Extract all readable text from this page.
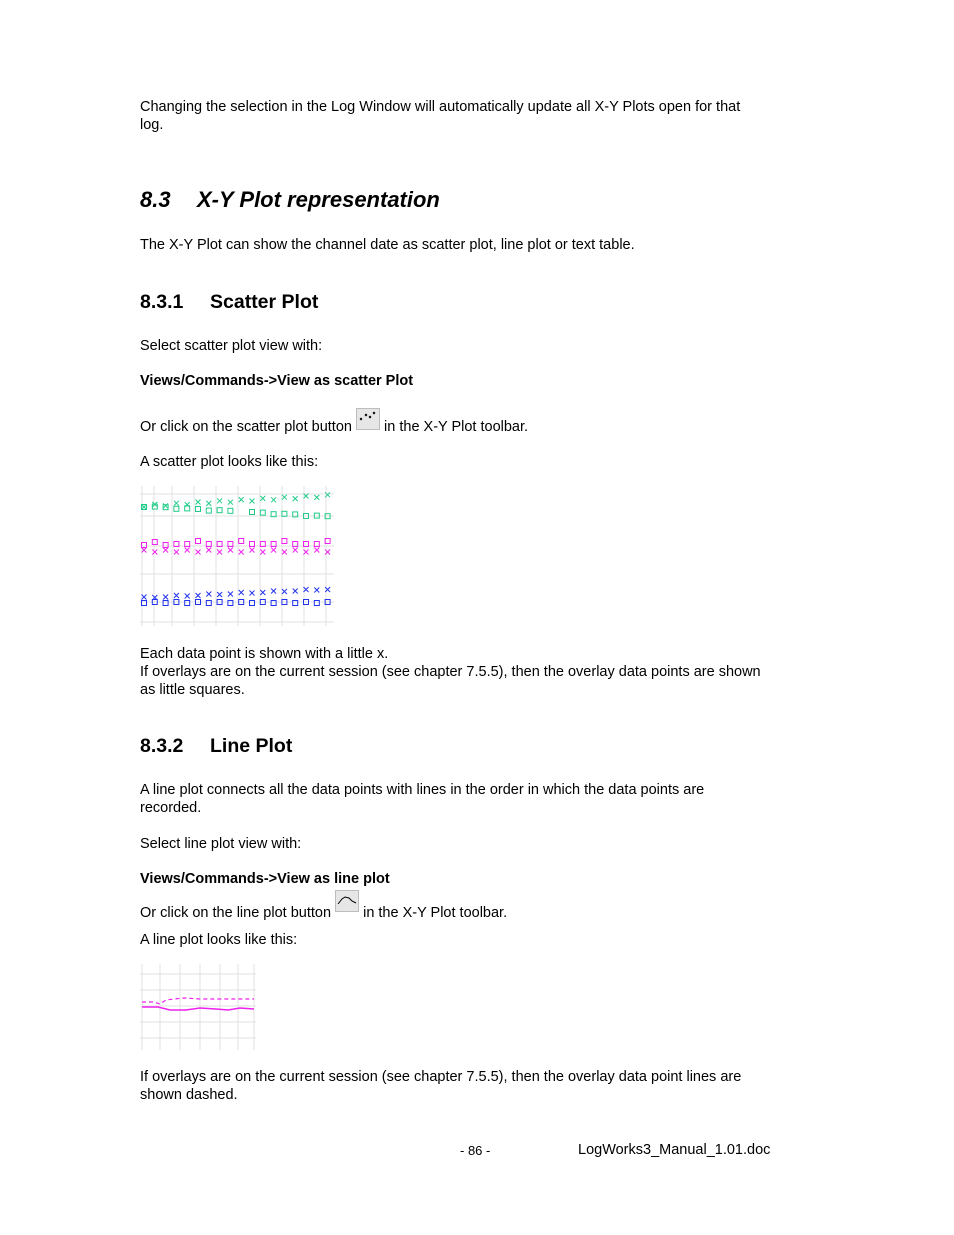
Changing the selection in the Log Window will automatically update all X-Y Plots open for that
log.
8.3 X-Y Plot representation
The X-Y Plot can show the channel date as scatter plot, line plot or text table.
8.3.1 Scatter Plot
Select scatter plot view with:
Views/Commands->View as scatter Plot
Or click on the scatter plot button in the X-Y Plot toolbar.
A scatter plot looks like this:
Each data point is shown with a little x.
If overlays are on the current session (see chapter 7.5.5), then the overlay data points are shown
as little squares.
8.3.2 Line Plot
A line plot connects all the data points with lines in the order in which the data points are
recorded.
Select line plot view with:
Views/Commands->View as line plot
Or click on the line plot button in the X-Y Plot toolbar.
A line plot looks like this:
If overlays are on the current session (see chapter 7.5.5), then the overlay data point lines are
shown dashed.
- 86 -	LogWorks3_Manual_1.01.doc
